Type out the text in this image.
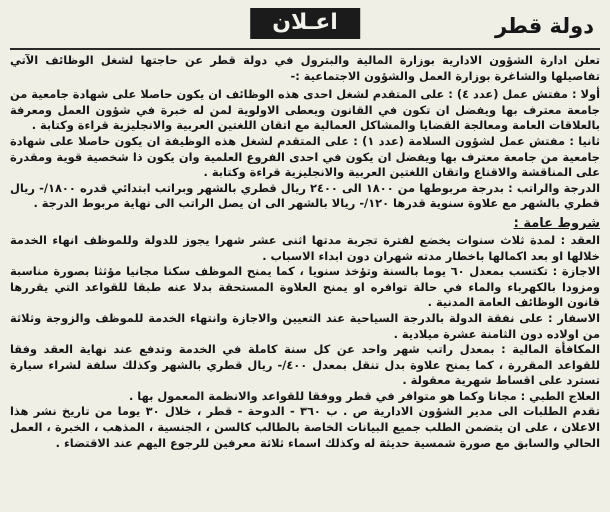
دولة قطر
اعـلان

تعلن ادارة الشؤون الادارية بوزارة المالية والبترول في دولة قطر عن حاجتها لشغل الوظائف الآتي تفاصيلها والشاغرة بوزارة العمل والشؤون الاجتماعية :-

أولا : مفتش عمل (عدد ٤) : على المتقدم لشغل احدى هذه الوظائف ان يكون حاصلا على شهادة جامعية من جامعة معترف بها ويفضل ان تكون في القانون ويعطى الاولوية لمن له خبرة في شؤون العمل ومعرفة بالعلاقات العامة ومعالجة القضايا والمشاكل العمالية مع اتقان اللغتين العربية والانجليزية قراءة وكتابة .

ثانيا : مفتش عمل لشؤون السلامة (عدد ١) : على المتقدم لشغل هذه الوظيفة ان يكون حاصلا على شهادة جامعية من جامعة معترف بها ويفضل ان يكون في احدى الفروع العلمية وان يكون ذا شخصية قوية ومقدرة على المناقشة والاقناع واتقان اللغتين العربية والانجليزية قراءة وكتابة .

الدرجة والراتب : بدرجة مربوطها من ١٨٠٠ الى ٢٤٠٠ ريال قطري بالشهر وبراتب ابتدائي قدره ١٨٠٠/- ريال قطري بالشهر مع علاوة سنوية قدرها ١٢٠/- ريالا بالشهر الى ان يصل الراتب الى نهاية مربوط الدرجة .

شروط عامة :

العقد : لمدة ثلاث سنوات يخضع لفترة تجربة مدتها اثنى عشر شهرا يجوز للدولة وللموظف انهاء الخدمة خلالها او بعد اكمالها باخطار مدته شهران دون ابداء الاسباب .

الاجازة : تكتسب بمعدل ٦٠ يوما بالسنة وتؤخذ سنويا ، كما يمنح الموظف سكنا مجانيا مؤثثا بصورة مناسبة ومزودا بالكهرباء والماء في حالة توافره او يمنح العلاوة المستحقة بدلا عنه طبقا للقواعد التي يقررها قانون الوظائف العامة المدنية .

الاسفار : على نفقة الدولة بالدرجة السياحية عند التعيين والاجازة وانتهاء الخدمة للموظف والزوجة وثلاثة من اولاده دون الثامنة عشرة ميلادية .

المكافأة المالية : بمعدل راتب شهر واحد عن كل سنة كاملة في الخدمة وتدفع عند نهاية العقد وفقا للقواعد المقررة ، كما يمنح علاوة بدل تنقل بمعدل ٤٠٠/- ريال قطري بالشهر وكذلك سلفة لشراء سيارة تسترد على اقساط شهرية معقولة .

العلاج الطبي : مجانا وكما هو متوافر في قطر ووفقا للقواعد والانظمة المعمول بها .

تقدم الطلبات الى مدير الشؤون الادارية ص . ب ٣٦٠ - الدوحة - قطر ، خلال ٣٠ يوما من تاريخ نشر هذا الاعلان ، على ان يتضمن الطلب جميع البيانات الخاصة بالطالب كالسن ، الجنسية ، المذهب ، الخبرة ، العمل الحالي والسابق مع صورة شمسية حديثة له وكذلك اسماء ثلاثة معرفين للرجوع اليهم عند الاقتضاء .
